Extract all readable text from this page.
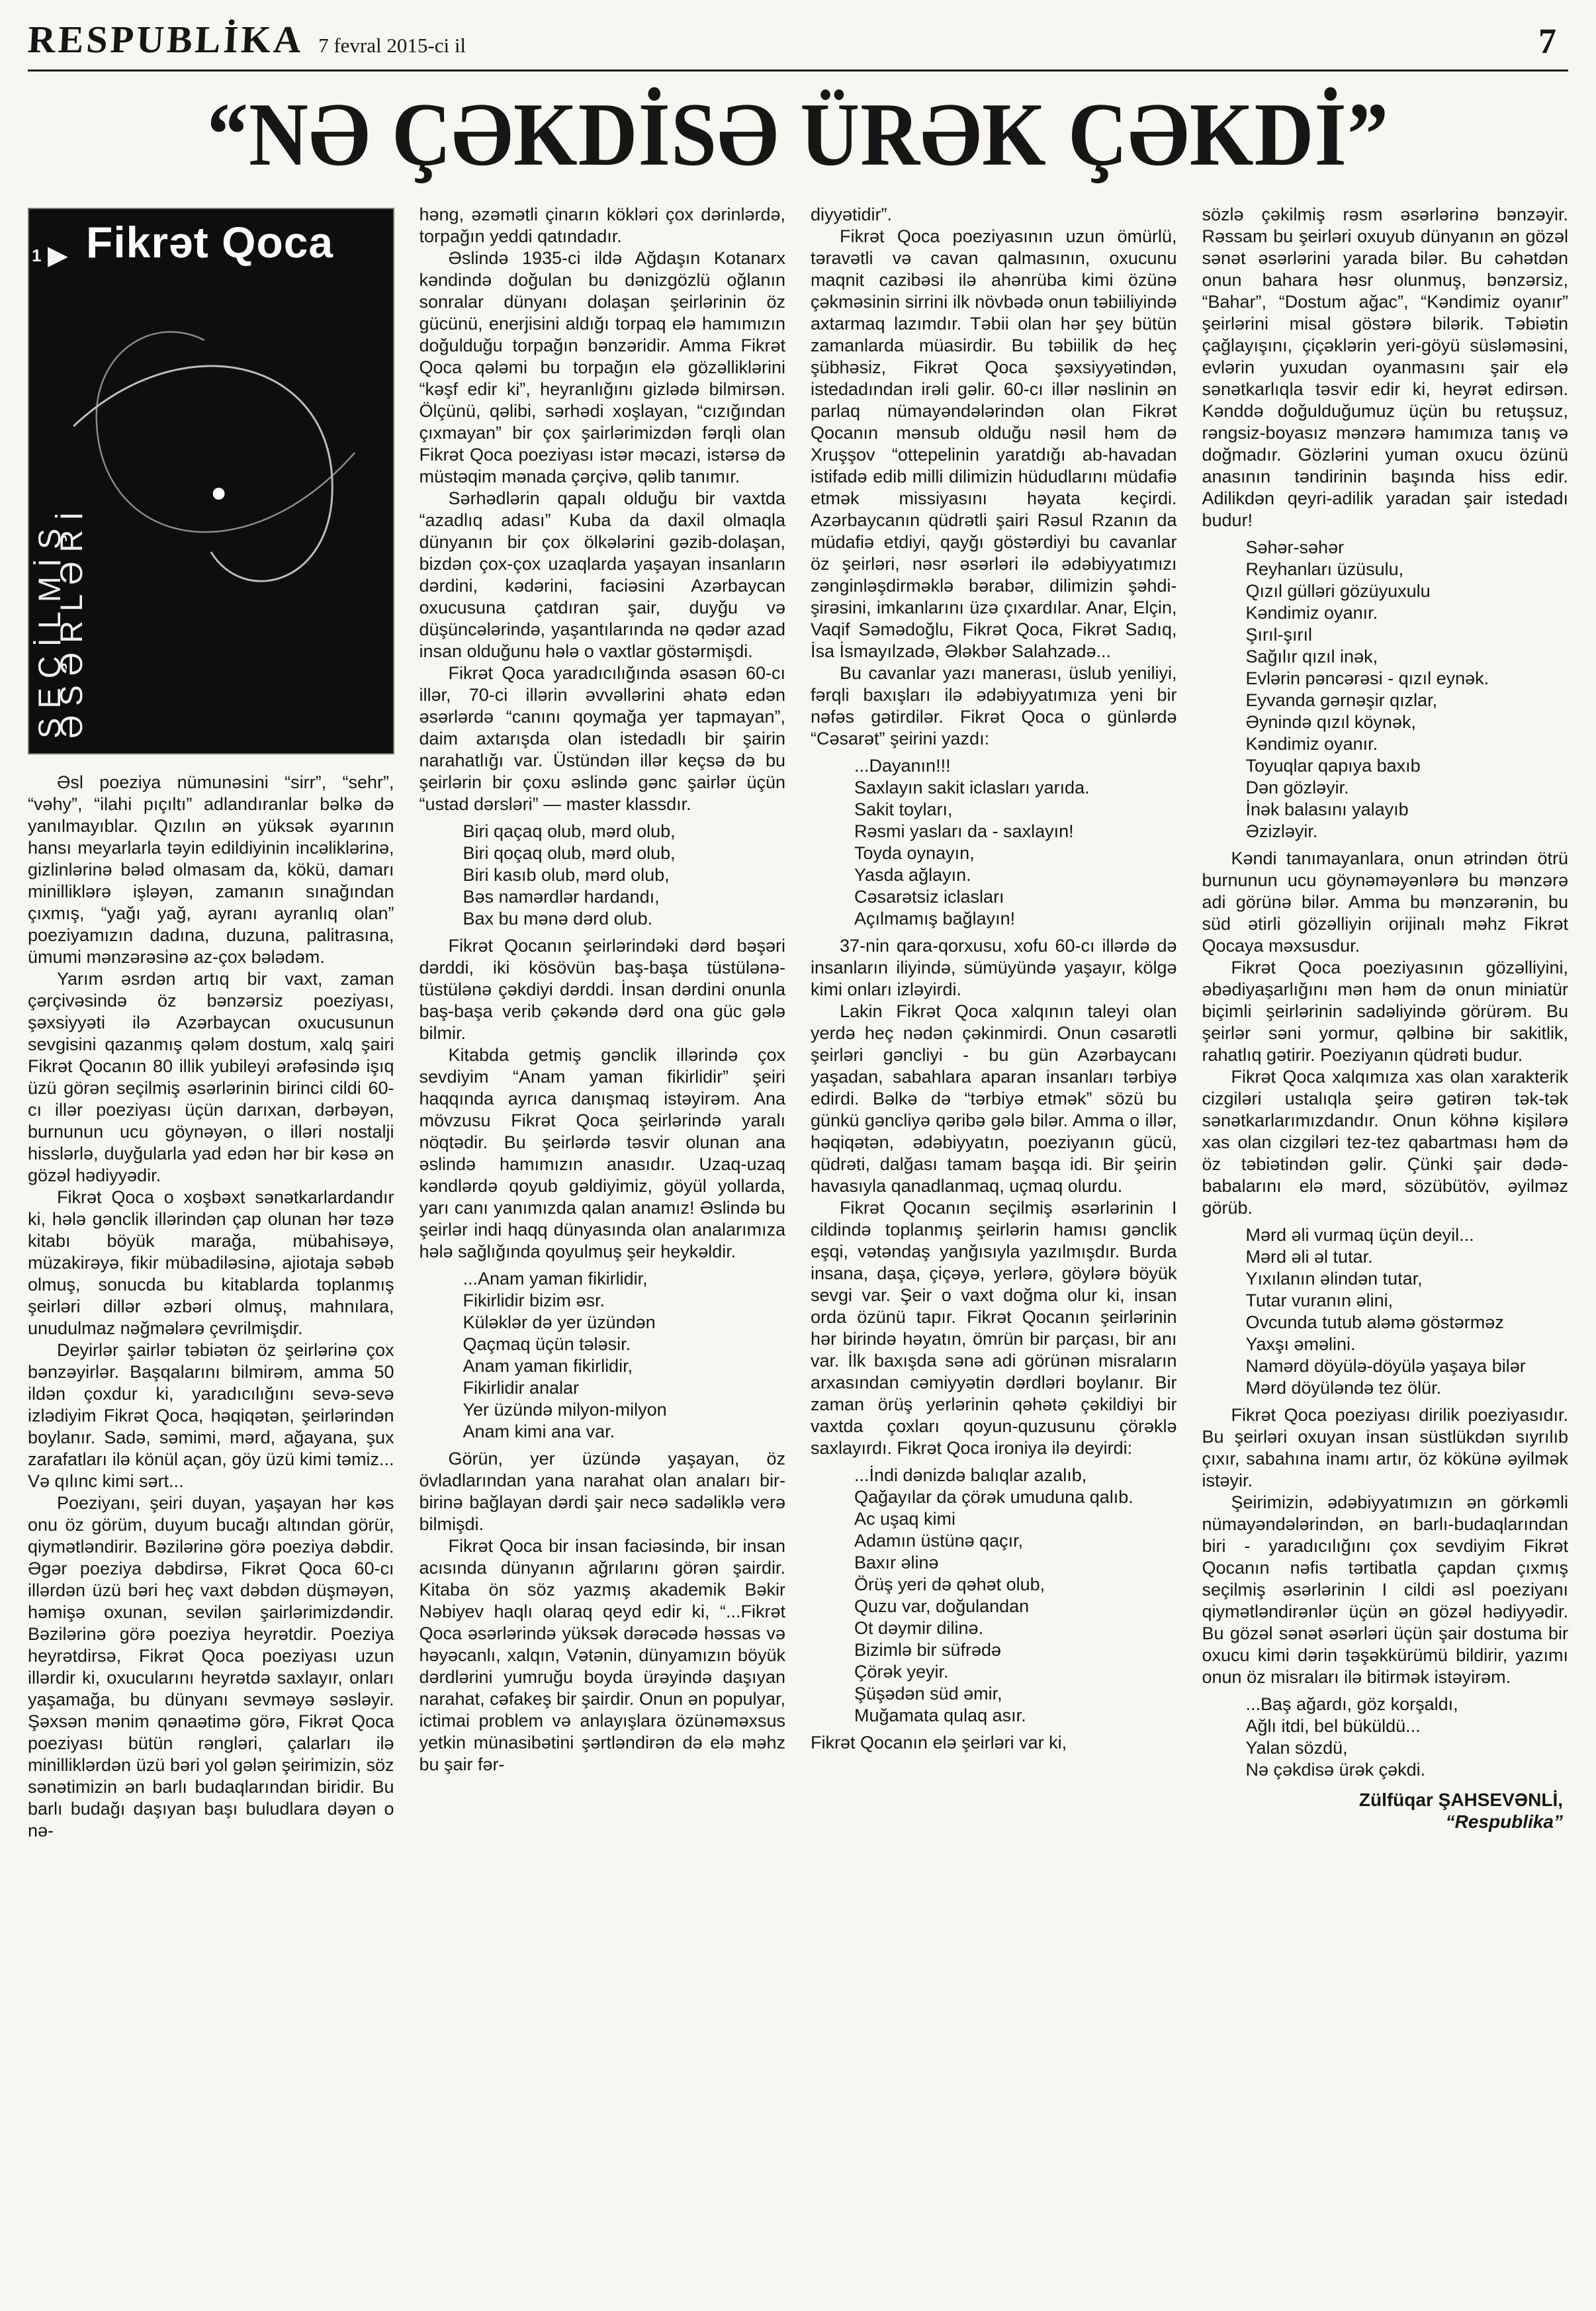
RESPUBLİKA 7 fevral 2015-ci il	7
“NƏ ÇƏKDİSƏ ÜRƏK ÇƏKDİ”
1 ▶ Fikrət Qoca
SEÇİLMİŞ ƏSƏRLƏRİ

Əsl poeziya nümunəsini “sirr”, “sehr”, “vəhy”, “ilahi pıçıltı” adlandıranlar bəlkə də yanılmayıblar. Qızılın ən yüksək əyarının hansı meyarlarla təyin edildiyinin incəliklərinə, gizlinlərinə bələd olmasam da, kökü, damarı minilliklərə işləyən, zamanın sınağından çıxmış, “yağı yağ, ayranı ayranlıq olan” poeziyamızın dadına, duzuna, palitrasına, ümumi mənzərəsinə az-çox bələdəm.

Yarım əsrdən artıq bir vaxt, zaman çərçivəsində öz bənzərsiz poeziyası, şəxsiyyəti ilə Azərbaycan oxucusunun sevgisini qazanmış qələm dostum, xalq şairi Fikrət Qocanın 80 illik yubileyi ərəfəsində işıq üzü görən seçilmiş əsərlərinin birinci cildi 60-cı illər poeziyası üçün darıxan, dərbəyən, burnunun ucu göynəyən, o illəri nostalji hisslərlə, duyğularla yad edən hər bir kəsə ən gözəl hədiyyədir.

Fikrət Qoca o xoşbəxt sənətkarlardandır ki, hələ gənclik illərindən çap olunan hər təzə kitabı böyük marağa, mübahisəyə, müzakirəyə, fikir mübadiləsinə, ajiotaja səbəb olmuş, sonucda bu kitablarda toplanmış şeirləri dillər əzbəri olmuş, mahnılara, unudulmaz nəğmələrə çevrilmişdir.

Deyirlər şairlər təbiətən öz şeirlərinə çox bənzəyirlər. Başqalarını bilmirəm, amma 50 ildən çoxdur ki, yaradıcılığını sevə-sevə izlədiyim Fikrət Qoca, həqiqətən, şeirlərindən boylanır. Sadə, səmimi, mərd, ağayana, şux zarafatları ilə könül açan, göy üzü kimi təmiz... Və qılınc kimi sərt...

Poeziyanı, şeiri duyan, yaşayan hər kəs onu öz görüm, duyum bucağı altından görür, qiymətləndirir. Bəzilərinə görə poeziya dəbdir. Əgər poeziya dəbdirsə, Fikrət Qoca 60-cı illərdən üzü bəri heç vaxt dəbdən düşməyən, həmişə oxunan, sevilən şairlərimizdəndir. Bəzilərinə görə poeziya heyrətdir. Poeziya heyrətdirsə, Fikrət Qoca poeziyası uzun illərdir ki, oxucularını heyrətdə saxlayır, onları yaşamağa, bu dünyanı sevməyə səsləyir. Şəxsən mənim qənaətimə görə, Fikrət Qoca poeziyası bütün rəngləri, çalarları ilə minilliklərdən üzü bəri yol gələn şeirimizin, söz sənətimizin ən barlı budaqlarından biridir. Bu barlı budağı daşıyan başı buludlara dəyən o nə-

həng, əzəmətli çinarın kökləri çox dərinlərdə, torpağın yeddi qatındadır.

Əslində 1935-ci ildə Ağdaşın Kotanarx kəndində doğulan bu dənizgözlü oğlanın sonralar dünyanı dolaşan şeirlərinin öz gücünü, enerjisini aldığı torpaq elə hamımızın doğulduğu torpağın bənzəridir. Amma Fikrət Qoca qələmi bu torpağın elə gözəlliklərini “kəşf edir ki”, heyranlığını gizlədə bilmirsən. Ölçünü, qəlibi, sərhədi xoşlayan, “cızığından çıxmayan” bir çox şairlərimizdən fərqli olan Fikrət Qoca poeziyası istər məcazi, istərsə də müstəqim mənada çərçivə, qəlib tanımır.

Sərhədlərin qapalı olduğu bir vaxtda “azadlıq adası” Kuba da daxil olmaqla dünyanın bir çox ölkələrini gəzib-dolaşan, bizdən çox-çox uzaqlarda yaşayan insanların dərdini, kədərini, faciəsini Azərbaycan oxucusuna çatdıran şair, duyğu və düşüncələrində, yaşantılarında nə qədər azad insan olduğunu hələ o vaxtlar göstərmişdi.

Fikrət Qoca yaradıcılığında əsasən 60-cı illər, 70-ci illərin əvvəllərini əhatə edən əsərlərdə “canını qoymağa yer tapmayan”, daim axtarışda olan istedadlı bir şairin narahatlığı var. Üstündən illər keçsə də bu şeirlərin bir çoxu əslində gənc şairlər üçün “ustad dərsləri” — master klassdır.

Biri qaçaq olub, mərd olub,
Biri qoçaq olub, mərd olub,
Biri kasıb olub, mərd olub,
Bəs namərdlər hardandı,
Bax bu mənə dərd olub.

Fikrət Qocanın şeirlərindəki dərd bəşəri dərddi, iki kösövün baş-başa tüstülənə-tüstülənə çəkdiyi dərddi. İnsan dərdini onunla baş-başa verib çəkəndə dərd ona güc gələ bilmir.

Kitabda getmiş gənclik illərində çox sevdiyim “Anam yaman fikirlidir” şeiri haqqında ayrıca danışmaq istəyirəm. Ana mövzusu Fikrət Qoca şeirlərində yaralı nöqtədir. Bu şeirlərdə təsvir olunan ana əslində hamımızın anasıdır. Uzaq-uzaq kəndlərdə qoyub gəldiyimiz, göyül yollarda, yarı canı yanımızda qalan anamız! Əslində bu şeirlər indi haqq dünyasında olan analarımıza hələ sağlığında qoyulmuş şeir heykəldir.

...Anam yaman fikirlidir,
Fikirlidir bizim əsr.
Küləklər də yer üzündən
Qaçmaq üçün tələsir.
Anam yaman fikirlidir,
Fikirlidir analar
Yer üzündə milyon-milyon
Anam kimi ana var.

Görün, yer üzündə yaşayan, öz övladlarından yana narahat olan anaları bir-birinə bağlayan dərdi şair necə sadəliklə verə bilmişdi.

Fikrət Qoca bir insan faciəsində, bir insan acısında dünyanın ağrılarını görən şairdir. Kitaba ön söz yazmış akademik Bəkir Nəbiyev haqlı olaraq qeyd edir ki, “...Fikrət Qoca əsərlərində yüksək dərəcədə həssas və həyəcanlı, xalqın, Vətənin, dünyamızın böyük dərdlərini yumruğu boyda ürəyində daşıyan narahat, cəfakeş bir şairdir. Onun ən populyar, ictimai problem və anlayışlara özünəməxsus yetkin münasibətini şərtləndirən də elə məhz bu şair fər-

diyyətidir”.

Fikrət Qoca poeziyasının uzun ömürlü, təravətli və cavan qalmasının, oxucunu maqnit cazibəsi ilə ahənrüba kimi özünə çəkməsinin sirrini ilk növbədə onun təbiiliyində axtarmaq lazımdır. Təbii olan hər şey bütün zamanlarda müasirdir. Bu təbiilik də heç şübhəsiz, Fikrət Qoca şəxsiyyətindən, istedadından irəli gəlir. 60-cı illər nəslinin ən parlaq nümayəndələrindən olan Fikrət Qocanın mənsub olduğu nəsil həm də Xruşşov “ottepelinin yaratdığı ab-havadan istifadə edib milli dilimizin hüdudlarını müdafiə etmək missiyasını həyata keçirdi. Azərbaycanın qüdrətli şairi Rəsul Rzanın da müdafiə etdiyi, qayğı göstərdiyi bu cavanlar öz şeirləri, nəsr əsərləri ilə ədəbiyyatımızı zənginləşdirməklə bərabər, dilimizin şəhdi-şirəsini, imkanlarını üzə çıxardılar. Anar, Elçin, Vaqif Səmədoğlu, Fikrət Qoca, Fikrət Sadıq, İsa İsmayılzadə, Ələkbər Salahzadə...

Bu cavanlar yazı manerası, üslub yeniliyi, fərqli baxışları ilə ədəbiyyatımıza yeni bir nəfəs gətirdilər. Fikrət Qoca o günlərdə “Cəsarət” şeirini yazdı:

...Dayanın!!!
Saxlayın sakit iclasları yarıda.
Sakit toyları,
Rəsmi yasları da - saxlayın!
Toyda oynayın,
Yasda ağlayın.
Cəsarətsiz iclasları
Açılmamış bağlayın!

37-nin qara-qorxusu, xofu 60-cı illərdə də insanların iliyində, sümüyündə yaşayır, kölgə kimi onları izləyirdi.

Lakin Fikrət Qoca xalqının taleyi olan yerdə heç nədən çəkinmirdi. Onun cəsarətli şeirləri gəncliyi - bu gün Azərbaycanı yaşadan, sabahlara aparan insanları tərbiyə edirdi. Bəlkə də “tərbiyə etmək” sözü bu günkü gəncliyə qəribə gələ bilər. Amma o illər, həqiqətən, ədəbiyyatın, poeziyanın gücü, qüdrəti, dalğası tamam başqa idi. Bir şeirin havasıyla qanadlanmaq, uçmaq olurdu.

Fikrət Qocanın seçilmiş əsərlərinin I cildində toplanmış şeirlərin hamısı gənclik eşqi, vətəndaş yanğısıyla yazılmışdır. Burda insana, daşa, çiçəyə, yerlərə, göylərə böyük sevgi var. Şeir o vaxt doğma olur ki, insan orda özünü tapır. Fikrət Qocanın şeirlərinin hər birində həyatın, ömrün bir parçası, bir anı var. İlk baxışda sənə adi görünən misraların arxasından cəmiyyətin dərdləri boylanır. Bir zaman örüş yerlərinin qəhətə çəkildiyi bir vaxtda çoxları qoyun-quzusunu çörəklə saxlayırdı. Fikrət Qoca ironiya ilə deyirdi:

...İndi dənizdə balıqlar azalıb,
Qağayılar da çörək umuduna qalıb.
Ac uşaq kimi
Adamın üstünə qaçır,
Baxır əlinə
Örüş yeri də qəhət olub,
Quzu var, doğulandan
Ot dəymir dilinə.
Bizimlə bir süfrədə
Çörək yeyir.
Şüşədən süd əmir,
Muğamata qulaq asır.

Fikrət Qocanın elə şeirləri var ki,

sözlə çəkilmiş rəsm əsərlərinə bənzəyir. Rəssam bu şeirləri oxuyub dünyanın ən gözəl sənət əsərlərini yarada bilər. Bu cəhətdən onun bahara həsr olunmuş, bənzərsiz, “Bahar”, “Dostum ağac”, “Kəndimiz oyanır” şeirlərini misal göstərə bilərik. Təbiətin çağlayışını, çiçəklərin yeri-göyü süsləməsini, evlərin yuxudan oyanmasını şair elə sənətkarlıqla təsvir edir ki, heyrət edirsən. Kənddə doğulduğumuz üçün bu retuşsuz, rəngsiz-boyasız mənzərə hamımıza tanış və doğmadır. Gözlərini yuman oxucu özünü anasının təndirinin başında hiss edir. Adilikdən qeyri-adilik yaradan şair istedadı budur!

Səhər-səhər
Reyhanları üzüsulu,
Qızıl gülləri gözüyuxulu
Kəndimiz oyanır.
Şırıl-şırıl
Sağılır qızıl inək,
Evlərin pəncərəsi - qızıl eynək.
Eyvanda gərnəşir qızlar,
Əynində qızıl köynək,
Kəndimiz oyanır.
Toyuqlar qapıya baxıb
Dən gözləyir.
İnək balasını yalayıb
Əzizləyir.

Kəndi tanımayanlara, onun ətrindən ötrü burnunun ucu göynəməyənlərə bu mənzərə adi görünə bilər. Amma bu mənzərənin, bu süd ətirli gözəlliyin orijinalı məhz Fikrət Qocaya məxsusdur.

Fikrət Qoca poeziyasının gözəlliyini, əbədiyaşarlığını mən həm də onun miniatür biçimli şeirlərinin sadəliyində görürəm. Bu şeirlər səni yormur, qəlbinə bir sakitlik, rahatlıq gətirir. Poeziyanın qüdrəti budur.

Fikrət Qoca xalqımıza xas olan xarakterik cizgiləri ustalıqla şeirə gətirən tək-tək sənətkarlarımızdandır. Onun köhnə kişilərə xas olan cizgiləri tez-tez qabartması həm də öz təbiətindən gəlir. Çünki şair dədə-babalarını elə mərd, sözübütöv, əyilməz görüb.

Mərd əli vurmaq üçün deyil...
Mərd əli əl tutar.
Yıxılanın əlindən tutar,
Tutar vuranın əlini,
Ovcunda tutub aləmə göstərməz
Yaxşı əməlini.
Namərd döyülə-döyülə yaşaya bilər
Mərd döyüləndə tez ölür.

Fikrət Qoca poeziyası dirilik poeziyasıdır. Bu şeirləri oxuyan insan süstlükdən sıyrılıb çıxır, sabahına inamı artır, öz kökünə əyilmək istəyir.

Şeirimizin, ədəbiyyatımızın ən görkəmli nümayəndələrindən, ən barlı-budaqlarından biri - yaradıcılığını çox sevdiyim Fikrət Qocanın nəfis tərtibatla çapdan çıxmış seçilmiş əsərlərinin I cildi əsl poeziyanı qiymətləndirənlər üçün ən gözəl hədiyyədir. Bu gözəl sənət əsərləri üçün şair dostuma bir oxucu kimi dərin təşəkkürümü bildirir, yazımı onun öz misraları ilə bitirmək istəyirəm.

...Baş ağardı, göz korşaldı,
Ağlı itdi, bel büküldü...
Yalan sözdü,
Nə çəkdisə ürək çəkdi.
Zülfüqar ŞAHSEVƏNLİ,
“Respublika”
